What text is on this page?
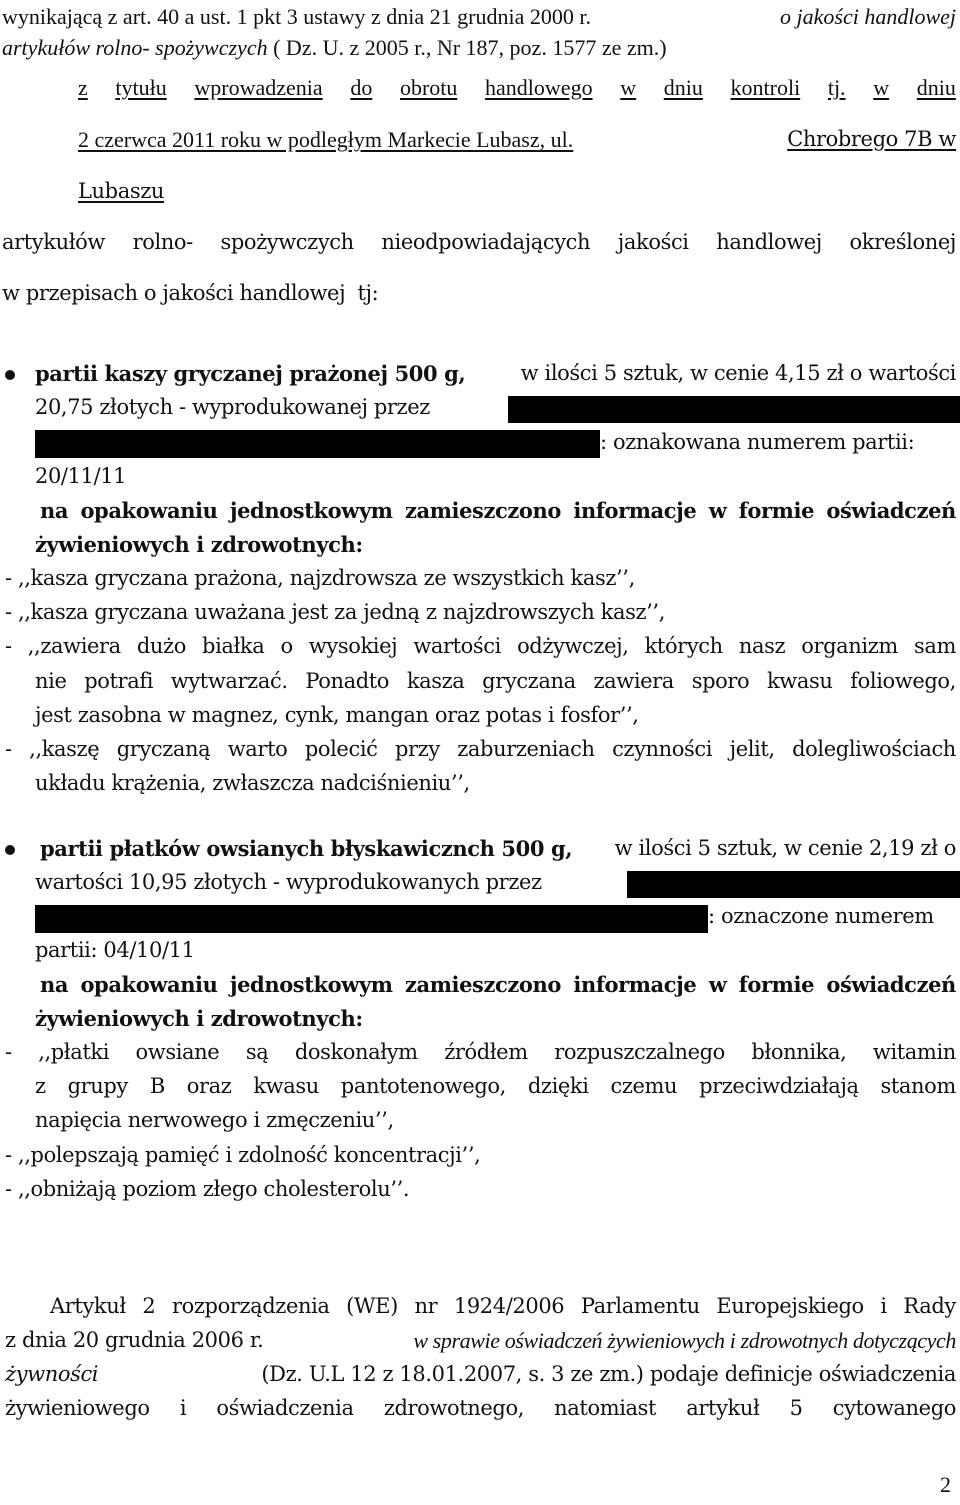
wynikającą z art. 40 a ust. 1 pkt 3 ustawy z dnia 21 grudnia 2000 r.	o jakości handlowej
artykułów rolno- spożywczych ( Dz. U. z 2005 r., Nr 187, poz. 1577 ze zm.)
z tytułu wprowadzenia do obrotu handlowego w dniu kontroli tj. w dniu
2 czerwca 2011 roku w podległym Markecie Lubasz, ul.	Chrobrego 7B w
Lubaszu
artykułów rolno- spożywczych nieodpowiadających jakości handlowej określonej
w przepisach o jakości handlowej tj:
partii kaszy gryczanej prażonej 500 g,	w ilości 5 sztuk, w cenie 4,15 zł o wartości
20,75 złotych - wyprodukowanej przez
: oznakowana numerem partii:
20/11/11
na opakowaniu jednostkowym zamieszczono informacje w formie oświadczeń
żywieniowych i zdrowotnych:
- ,,kasza gryczana prażona, najzdrowsza ze wszystkich kasz’’,
- ,,kasza gryczana uważana jest za jedną z najzdrowszych kasz’’,
- ,,zawiera dużo białka o wysokiej wartości odżywczej, których nasz organizm sam
nie potrafi wytwarzać. Ponadto kasza gryczana zawiera sporo kwasu foliowego,
jest zasobna w magnez, cynk, mangan oraz potas i fosfor’’,
- ,,kaszę gryczaną warto polecić przy zaburzeniach czynności jelit, dolegliwościach
układu krążenia, zwłaszcza nadciśnieniu’’,
partii płatków owsianych błyskawicznch 500 g, w ilości 5 sztuk, w cenie 2,19 zł o
wartości 10,95 złotych - wyprodukowanych przez
: oznaczone numerem
partii: 04/10/11
na opakowaniu jednostkowym zamieszczono informacje w formie oświadczeń
żywieniowych i zdrowotnych:
- ,,płatki owsiane są doskonałym źródłem rozpuszczalnego błonnika, witamin
z grupy B oraz kwasu pantotenowego, dzięki czemu przeciwdziałają stanom
napięcia nerwowego i zmęczeniu’’,
- ,,polepszają pamięć i zdolność koncentracji’’,
- ,,obniżają poziom złego cholesterolu’’.
Artykuł 2 rozporządzenia (WE) nr 1924/2006 Parlamentu Europejskiego i Rady
z dnia 20 grudnia 2006 r.	w sprawie oświadczeń żywieniowych i zdrowotnych dotyczących
żywności	(Dz. U.L 12 z 18.01.2007, s. 3 ze zm.) podaje definicje oświadczenia
żywieniowego i oświadczenia zdrowotnego, natomiast artykuł 5 cytowanego
2
